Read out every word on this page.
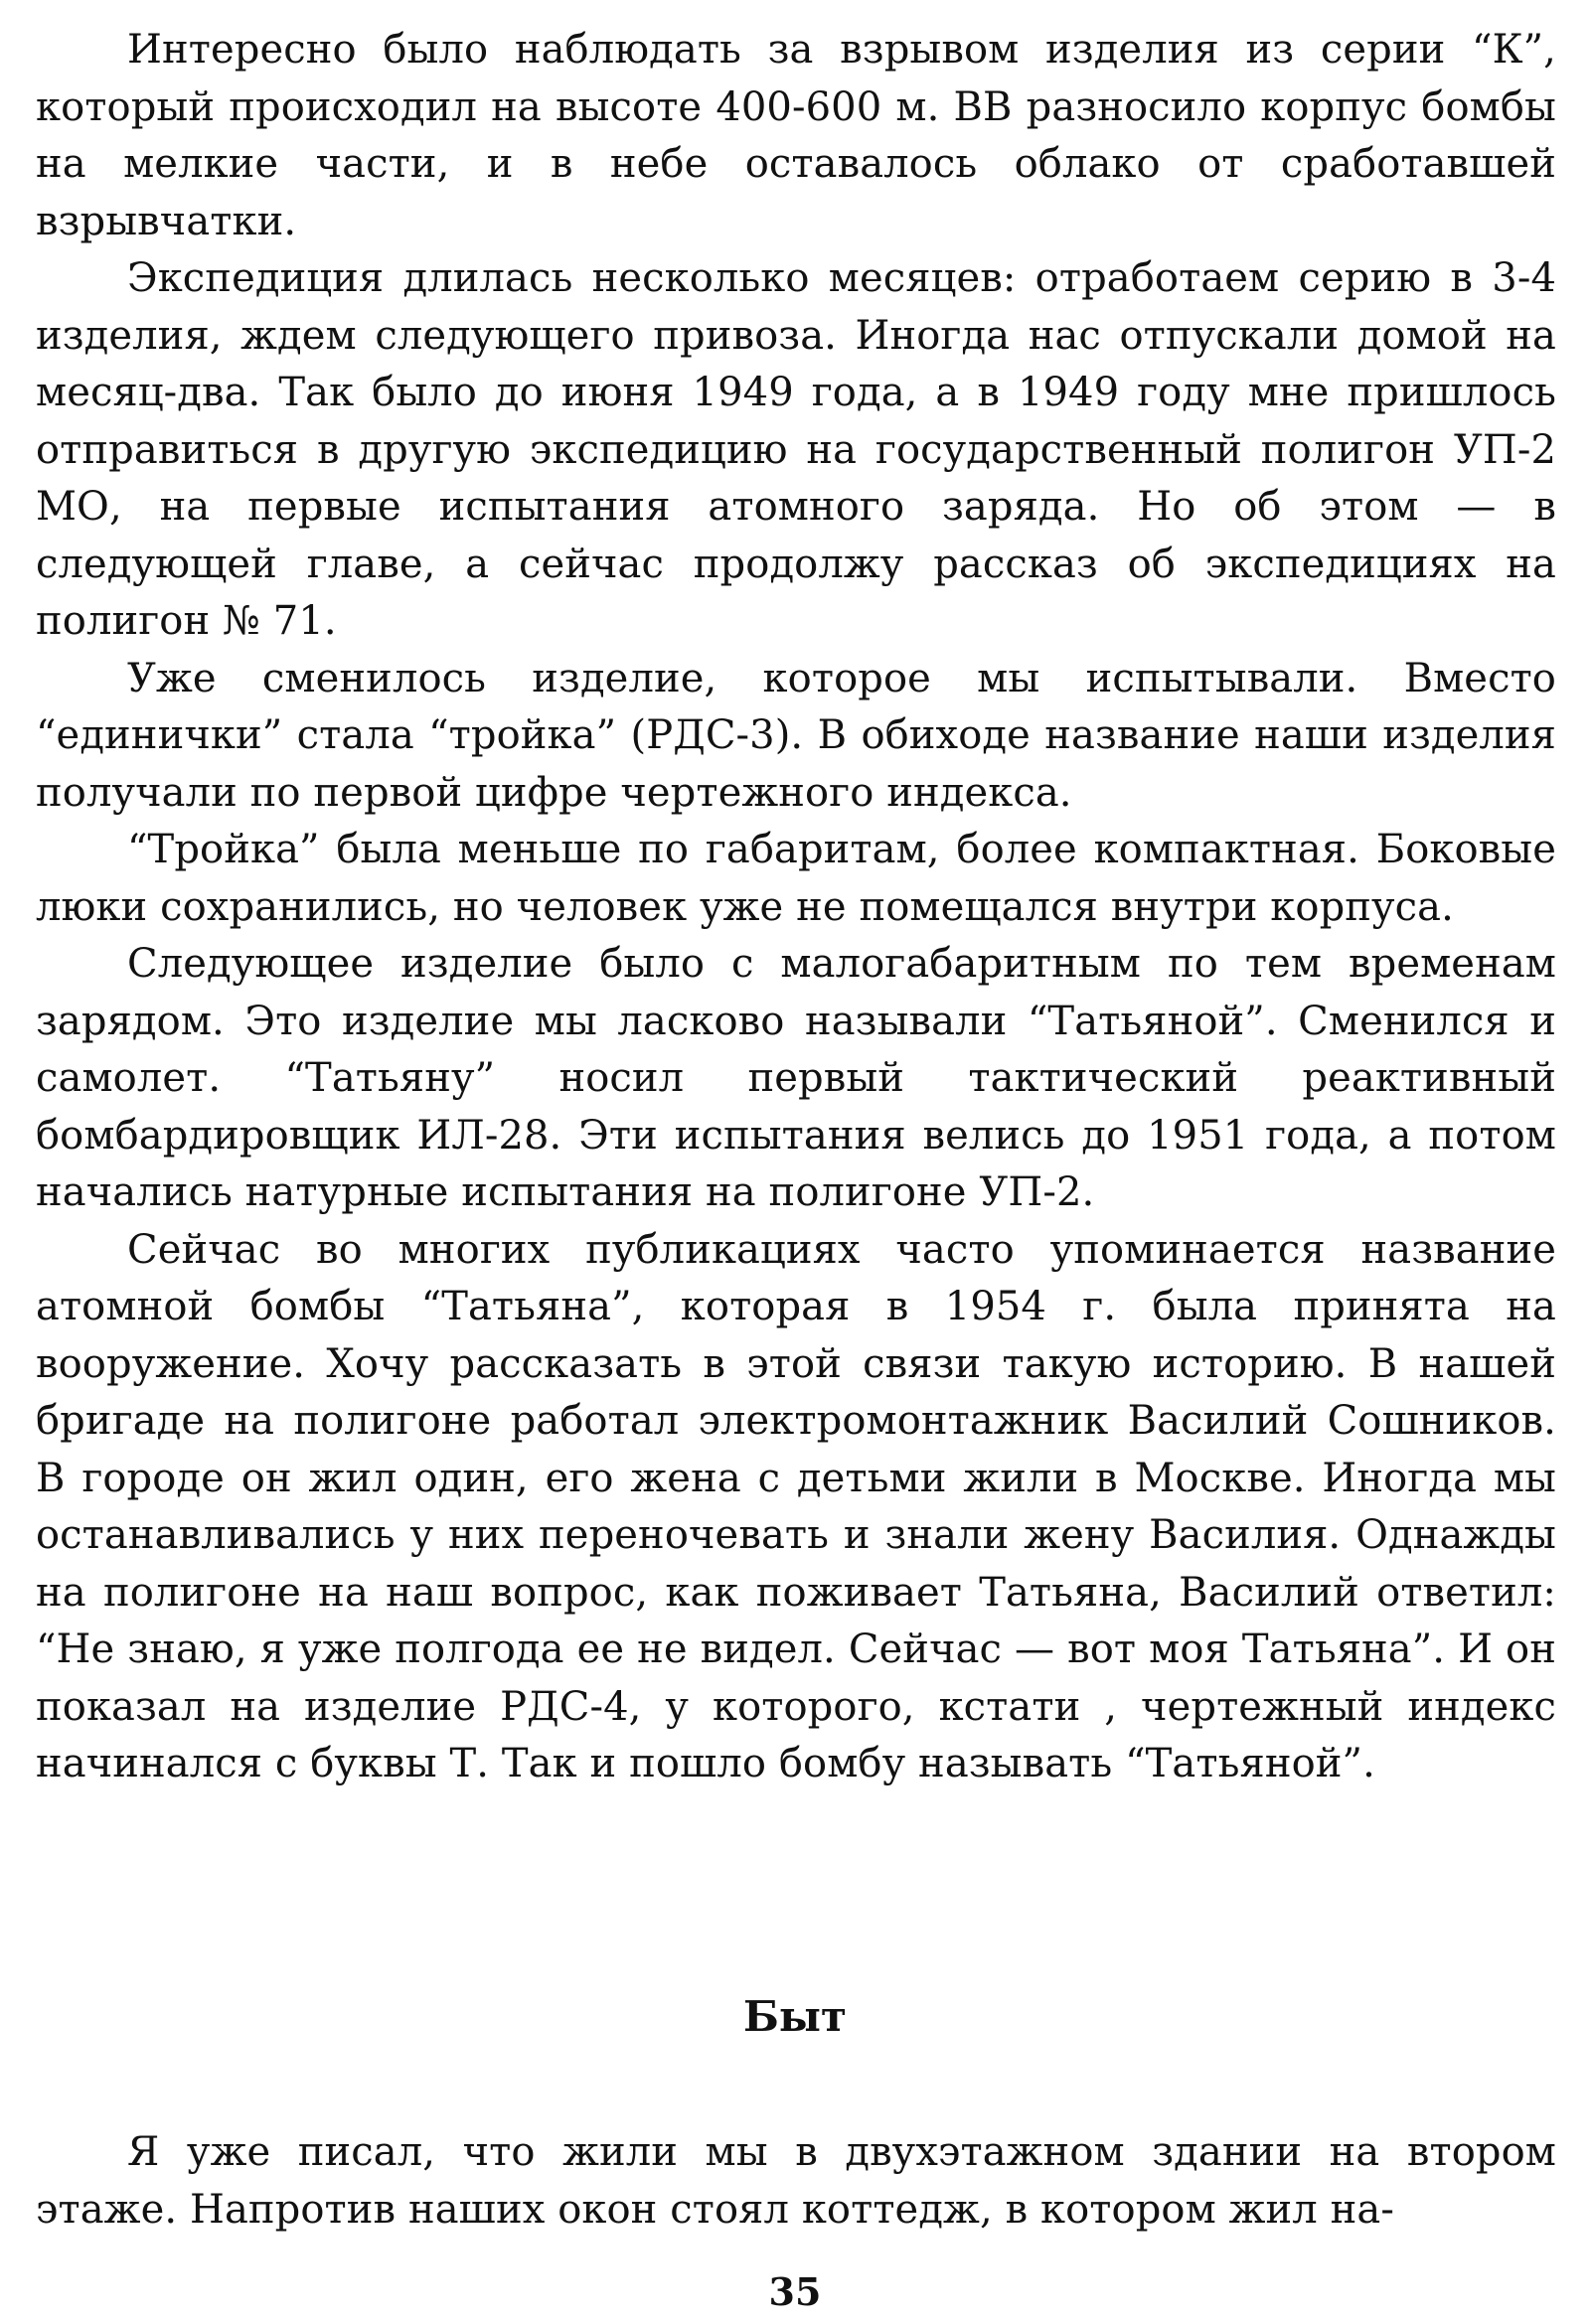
Интересно было наблюдать за взрывом изделия из серии “К”, который происходил на высоте 400-600 м. ВВ разносило корпус бомбы на мелкие части, и в небе оставалось облако от сработавшей взрывчатки.

Экспедиция длилась несколько месяцев: отработаем серию в 3-4 изделия, ждем следующего привоза. Иногда нас отпускали домой на месяц-два. Так было до июня 1949 года, а в 1949 году мне пришлось отправиться в другую экспедицию на государственный полигон УП-2 МО, на первые испытания атомного заряда. Но об этом — в следующей главе, а сейчас продолжу рассказ об экспедициях на полигон № 71.

Уже сменилось изделие, которое мы испытывали. Вместо “единички” стала “тройка” (РДС-3). В обиходе название наши изделия получали по первой цифре чертежного индекса.

“Тройка” была меньше по габаритам, более компактная. Боковые люки сохранились, но человек уже не помещался внутри корпуса.

Следующее изделие было с малогабаритным по тем временам зарядом. Это изделие мы ласково называли “Татьяной”. Сменился и самолет. “Татьяну” носил первый тактический реактивный бомбардировщик ИЛ-28. Эти испытания велись до 1951 года, а потом начались натурные испытания на полигоне УП-2.

Сейчас во многих публикациях часто упоминается название атомной бомбы “Татьяна”, которая в 1954 г. была принята на вооружение. Хочу рассказать в этой связи такую историю. В нашей бригаде на полигоне работал электромонтажник Василий Сошников. В городе он жил один, его жена с детьми жили в Москве. Иногда мы останавливались у них переночевать и знали жену Василия. Однажды на полигоне на наш вопрос, как поживает Татьяна, Василий ответил: “Не знаю, я уже полгода ее не видел. Сейчас — вот моя Татьяна”. И он показал на изделие РДС-4, у которого, кстати , чертежный индекс начинался с буквы Т. Так и пошло бомбу называть “Татьяной”.

Быт

Я уже писал, что жили мы в двухэтажном здании на втором этаже. Напротив наших окон стоял коттедж, в котором жил на-

35
